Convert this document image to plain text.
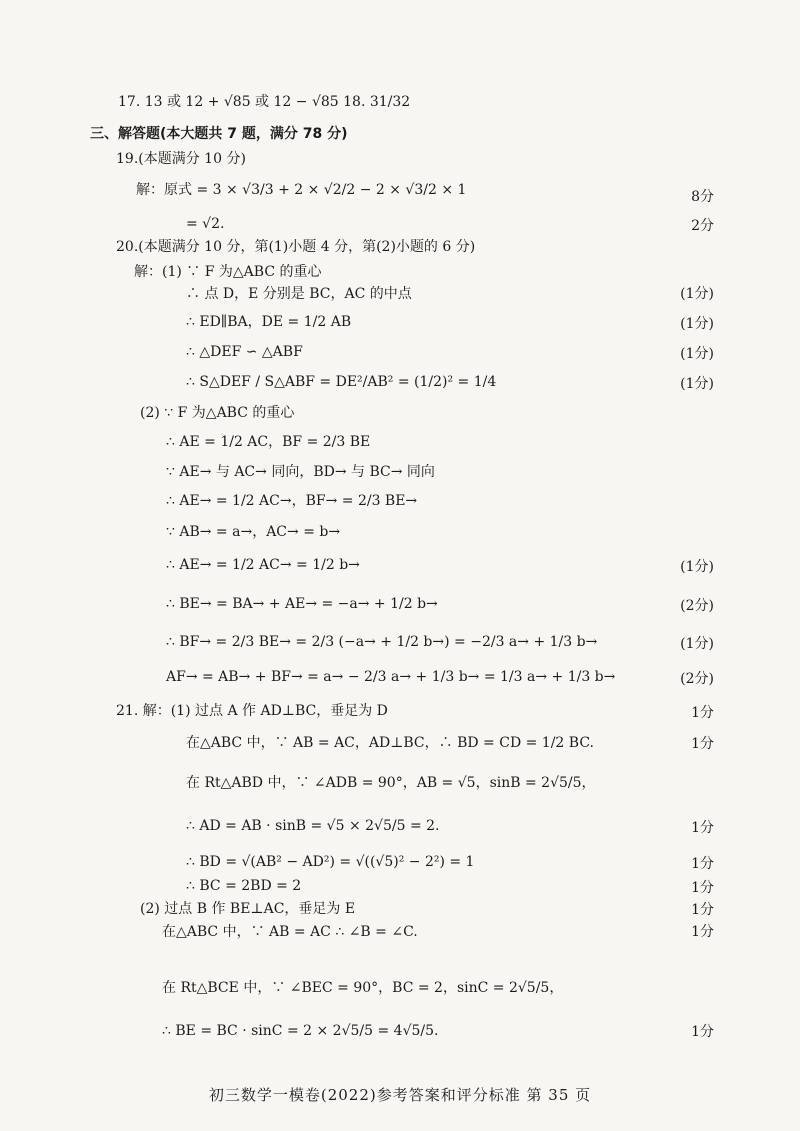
17. 13 或 12 + √85 或 12 − √85 18. 31/32
三、解答题(本大题共 7 题，满分 78 分)
19.(本题满分 10 分)
解：原式 = 3 × √3/3 + 2 × √2/2 − 2 × √3/2 × 1
= √2.
20.(本题满分 10 分，第(1)小题 4 分，第(2)小题的 6 分)
解：(1) ∵ F 为△ABC 的重心
∴ 点 D，E 分别是 BC，AC 的中点
∴ ED∥BA，DE = 1/2 AB
∴ △DEF ∽ △ABF
∴ S△DEF / S△ABF = DE²/AB² = (1/2)² = 1/4
(2) ∵ F 为△ABC 的重心
∴ AE = 1/2 AC，BF = 2/3 BE
∵ AE→ 与 AC→ 同向，BD→ 与 BC→ 同向
∴ AE→ = 1/2 AC→，BF→ = 2/3 BE→
∵ AB→ = a→，AC→ = b→
∴ AE→ = 1/2 AC→ = 1/2 b→
∴ BE→ = BA→ + AE→ = −a→ + 1/2 b→
∴ BF→ = 2/3 BE→ = 2/3 (−a→ + 1/2 b→) = −2/3 a→ + 1/3 b→
AF→ = AB→ + BF→ = a→ − 2/3 a→ + 1/3 b→ = 1/3 a→ + 1/3 b→
21. 解：(1) 过点 A 作 AD⊥BC，垂足为 D
在△ABC 中，∵ AB = AC，AD⊥BC，∴ BD = CD = 1/2 BC.
在 Rt△ABD 中，∵ ∠ADB = 90°，AB = √5，sinB = 2√5/5，
∴ AD = AB · sinB = √5 × 2√5/5 = 2.
∴ BD = √(AB² − AD²) = √((√5)² − 2²) = 1
∴ BC = 2BD = 2
(2) 过点 B 作 BE⊥AC，垂足为 E
在△ABC 中，∵ AB = AC ∴ ∠B = ∠C.
在 Rt△BCE 中，∵ ∠BEC = 90°，BC = 2，sinC = 2√5/5，
∴ BE = BC · sinC = 2 × 2√5/5 = 4√5/5.
8分
2分
(1分)
(1分)
(1分)
(1分)
(1分)
(2分)
(1分)
(2分)
1分
1分
1分
1分
1分
1分
1分
1分
初三数学一模卷(2022)参考答案和评分标准 第 35 页
